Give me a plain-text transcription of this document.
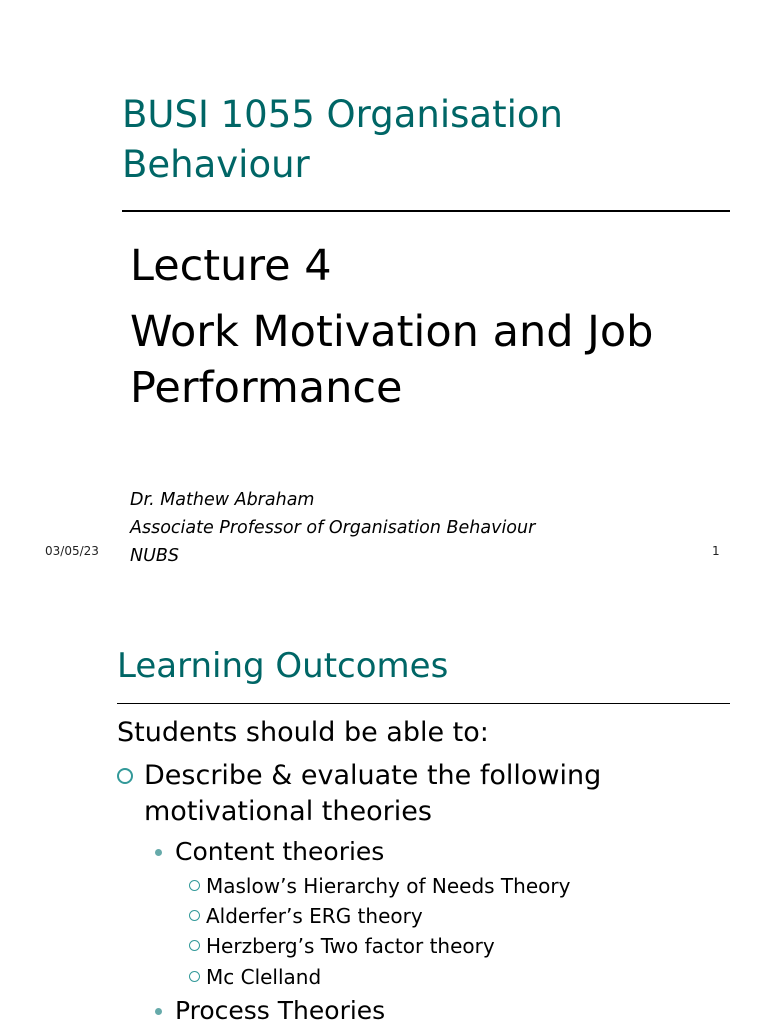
BUSI 1055 Organisation Behaviour
Lecture 4
Work Motivation and Job Performance
Dr. Mathew Abraham
Associate Professor of Organisation Behaviour
NUBS
03/05/23	1
Learning Outcomes
Students should be able to:
Describe & evaluate the following motivational theories
Content theories
Maslow’s Hierarchy of Needs Theory
Alderfer’s ERG theory
Herzberg’s Two factor theory
Mc Clelland
Process Theories
